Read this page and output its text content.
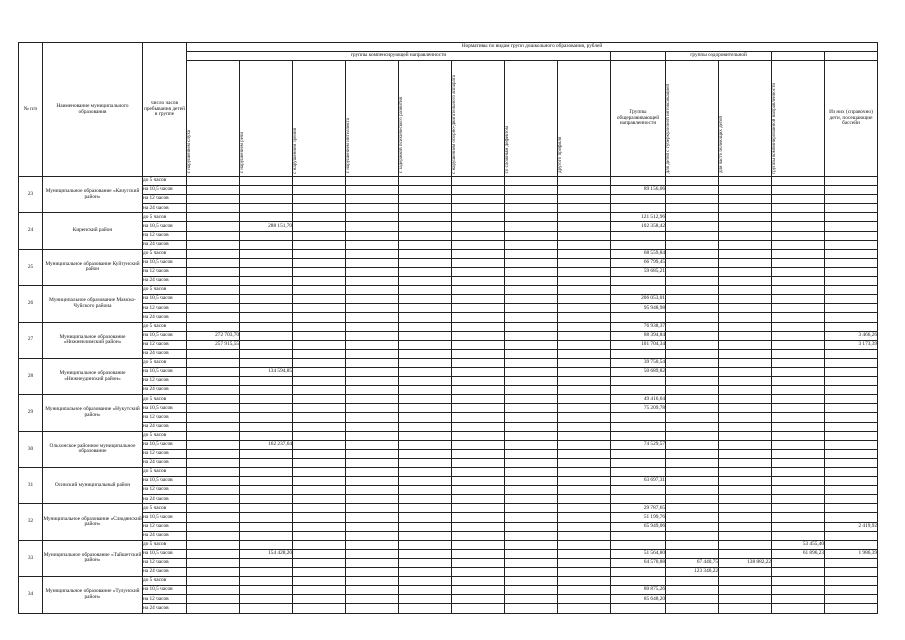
№ п/п	Наименование муниципального образования	число часов пребывания детей в группе	Нормативы по видам групп дошкольного образования, рублей												
			группы компенсирующей направленности									группы оздоровительной			
			с нарушением слуха	с нарушением речи	с нарушением зрения	с нарушением интеллекта	с задержкой психического развития	с нарушением опорно-двигательного аппарата	со сложным дефектом	другого профиля	Группы общеразвивающей направленности	для детей с туберкулезной интоксикацией	для часто болеющих детей	группы комбинированной направленности	Из них (справочно) дети, посещающие бассейн
23	Муниципальное образование «Качугский район»	до 5 часов													
		на 10,5 часов									89 156,06				
		на 12 часов													
		на 24 часов													
24	Киренский район	до 5 часов									121 512,96				
		на 10,5 часов		288 151,70							102 358,42				
		на 12 часов													
		на 24 часов													
25	Муниципальное образование Куйтунский район	до 5 часов									68 559,84				
		на 10,5 часов									66 799,45				
		на 12 часов									59 685,21				
		на 24 часов													
26	Муниципальное образование Мамско-Чуйского района	до 5 часов													
		на 10,5 часов									206 053,01				
		на 12 часов									95 948,98				
		на 24 часов													
27	Муниципальное образование «Нижнеилимский район»	до 5 часов									76 938,37				
		на 10,5 часов	272 703,70								88 394,84				3 466,26
		на 12 часов	257 915,55								101 704,34				3 173,39
		на 24 часов													
28	Муниципальное образование «Нижнеудинский район»	до 5 часов									39 750,54				
		на 10,5 часов		134 594,85							50 689,82				
		на 12 часов													
		на 24 часов													
29	Муниципальное образование «Нукутский район»	до 5 часов									49 416,04				
		на 10,5 часов									75 209,78				
		на 12 часов													
		на 24 часов													
30	Ольхонское районное муниципальное образование	до 5 часов													
		на 10,5 часов		162 237,64							74 529,57				
		на 12 часов													
		на 24 часов													
31	Осинский муниципальный район	до 5 часов													
		на 10,5 часов									63 697,31				
		на 12 часов													
		на 24 часов													
32	Муниципальное образование «Слюдянский район»	до 5 часов									29 787,65				
		на 10,5 часов									51 199,76				
		на 12 часов									65 949,06				2 419,92
		на 24 часов													
33	Муниципальное образование «Тайшетский район»	до 5 часов												53 455,40	
		на 10,5 часов		154 428,20							51 564,80			61 896,23	1 986,39
		на 12 часов									64 570,88	67 440,75	138 882,22		
		на 24 часов										123 340,22			
34	Муниципальное образование «Тулунский район»	до 5 часов													
		на 10,5 часов									80 875,26				
		на 12 часов									85 648,20				
		на 24 часов													
